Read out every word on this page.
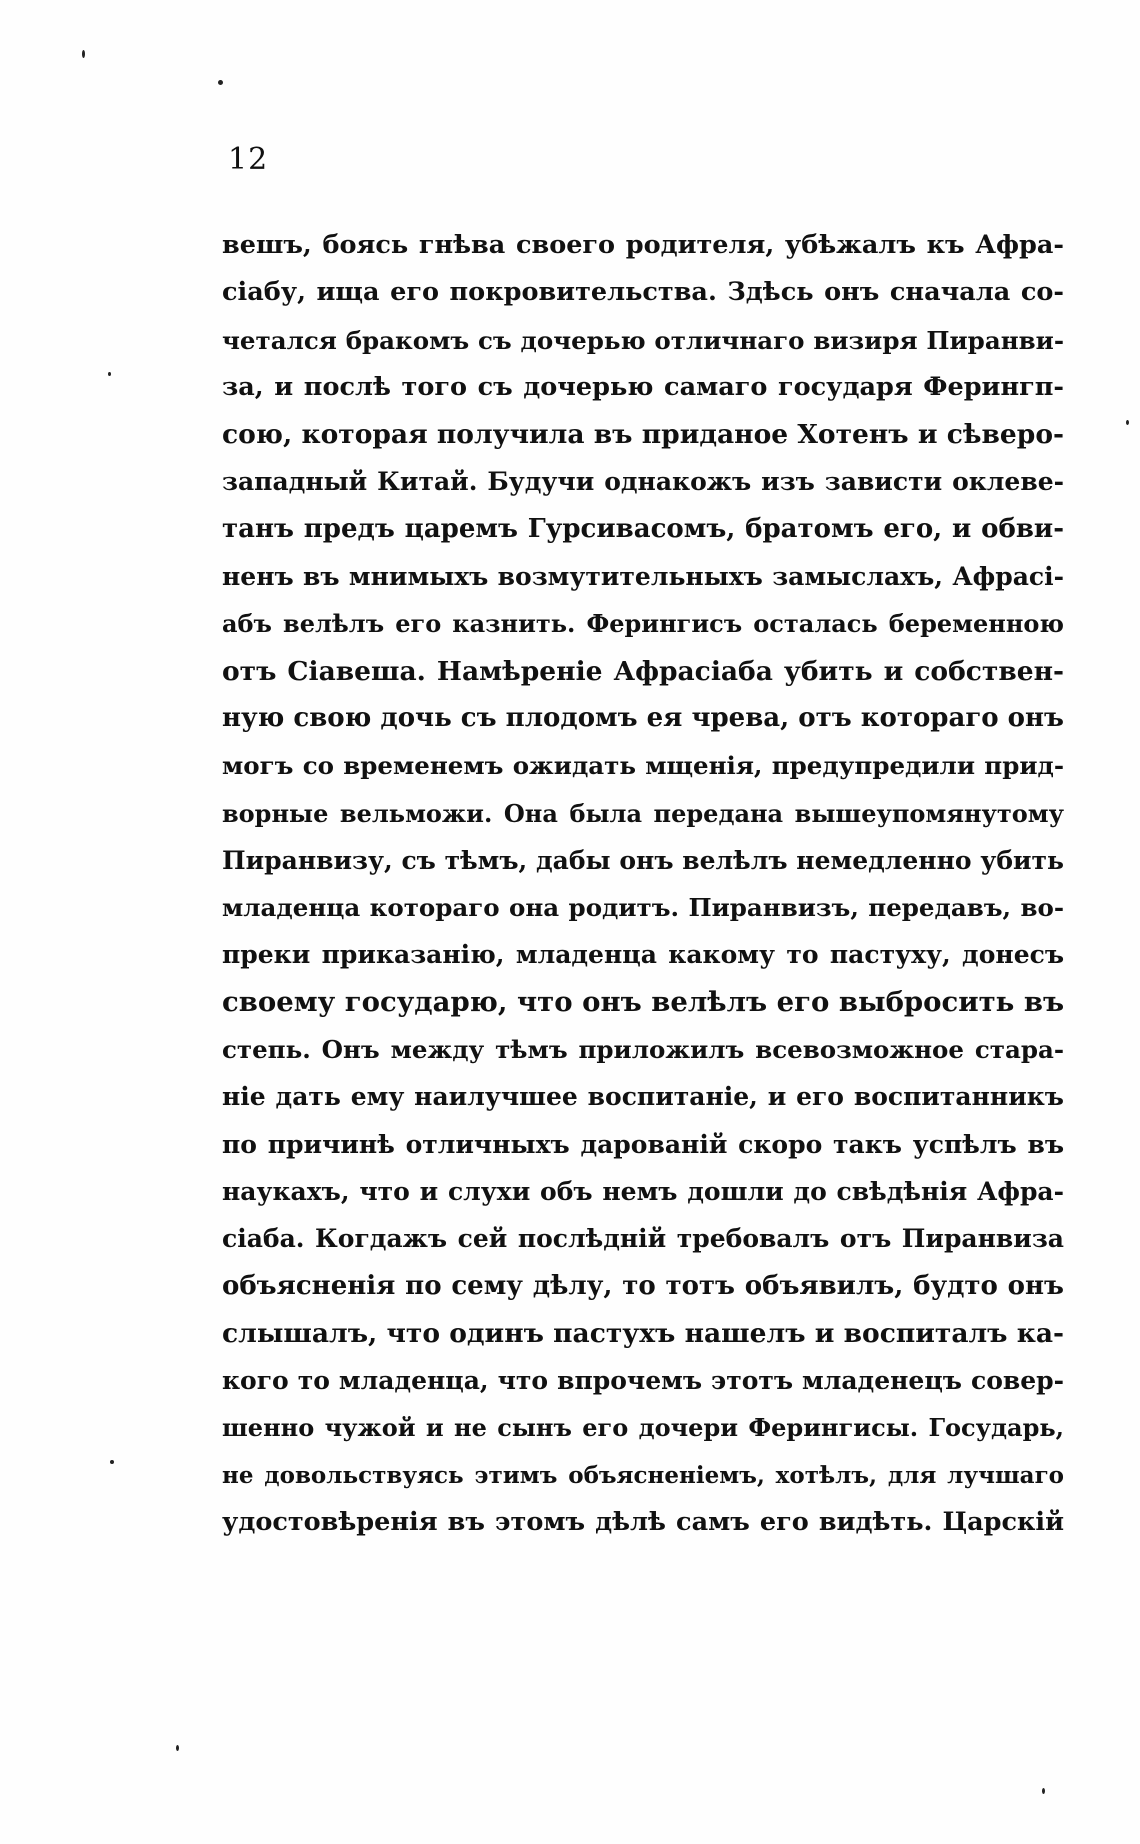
12
вешъ, боясь гнѣва своего родителя, убѣжалъ къ Афра-
сіабу, ища его покровительства. Здѣсь онъ сначала со-
четался бракомъ съ дочерью отличнаго визиря Пиранви-
за, и послѣ того съ дочерью самаго государя Ферингп-
сою, которая получила въ приданое Хотенъ и сѣверо-
западный Китай. Будучи однакожъ изъ зависти оклеве-
танъ предъ царемъ Гурсивасомъ, братомъ его, и обви-
ненъ въ мнимыхъ возмутительныхъ замыслахъ, Афрасі-
абъ велѣлъ его казнить. Ферингисъ осталась беременною
отъ Сіавеша. Намѣреніе Афрасіаба убить и собствен-
ную свою дочь съ плодомъ ея чрева, отъ котораго онъ
могъ со временемъ ожидать мщенія, предупредили прид-
ворные вельможи. Она была передана вышеупомянутому
Пиранвизу, съ тѣмъ, дабы онъ велѣлъ немедленно убить
младенца котораго она родитъ. Пиранвизъ, передавъ, во-
преки приказанію, младенца какому то пастуху, донесъ
своему государю, что онъ велѣлъ его выбросить въ
степь. Онъ между тѣмъ приложилъ всевозможное стара-
ніе дать ему наилучшее воспитаніе, и его воспитанникъ
по причинѣ отличныхъ дарованій скоро такъ успѣлъ въ
наукахъ, что и слухи объ немъ дошли до свѣдѣнія Афра-
сіаба. Когдажъ сей послѣдній требовалъ отъ Пиранвиза
объясненія по сему дѣлу, то тотъ объявилъ, будто онъ
слышалъ, что одинъ пастухъ нашелъ и воспиталъ ка-
кого то младенца, что впрочемъ этотъ младенецъ совер-
шенно чужой и не сынъ его дочери Ферингисы. Государь,
не довольствуясь этимъ объясненіемъ, хотѣлъ, для лучшаго
удостовѣренія въ этомъ дѣлѣ самъ его видѣть. Царскій
